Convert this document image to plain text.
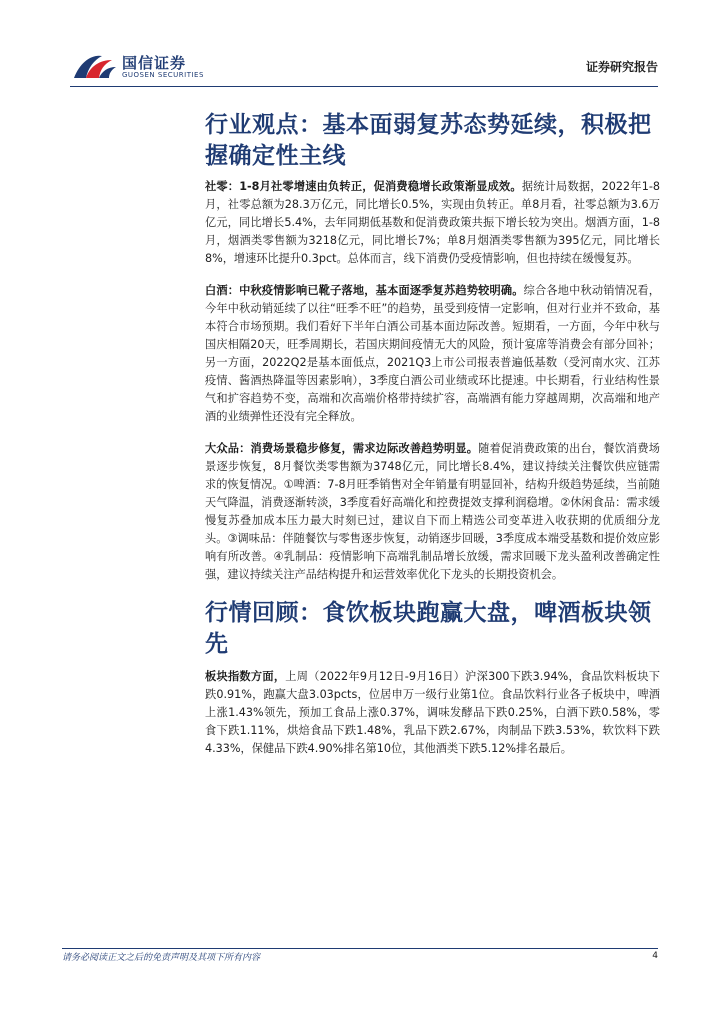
国信证券
GUOSEN SECURITIES
证券研究报告
行业观点：基本面弱复苏态势延续，积极把握确定性主线

社零：1-8月社零增速由负转正，促消费稳增长政策渐显成效。据统计局数据，2022年1-8月，社零总额为28.3万亿元，同比增长0.5%，实现由负转正。单8月看，社零总额为3.6万亿元，同比增长5.4%，去年同期低基数和促消费政策共振下增长较为突出。烟酒方面，1-8月，烟酒类零售额为3218亿元，同比增长7%；单8月烟酒类零售额为395亿元，同比增长8%，增速环比提升0.3pct。总体而言，线下消费仍受疫情影响，但也持续在缓慢复苏。

白酒：中秋疫情影响已靴子落地，基本面逐季复苏趋势较明确。综合各地中秋动销情况看，今年中秋动销延续了以往“旺季不旺”的趋势，虽受到疫情一定影响，但对行业并不致命，基本符合市场预期。我们看好下半年白酒公司基本面边际改善。短期看，一方面，今年中秋与国庆相隔20天，旺季周期长，若国庆期间疫情无大的风险，预计宴席等消费会有部分回补；另一方面，2022Q2是基本面低点，2021Q3上市公司报表普遍低基数（受河南水灾、江苏疫情、酱酒热降温等因素影响），3季度白酒公司业绩或环比提速。中长期看，行业结构性景气和扩容趋势不变，高端和次高端价格带持续扩容，高端酒有能力穿越周期，次高端和地产酒的业绩弹性还没有完全释放。

大众品：消费场景稳步修复，需求边际改善趋势明显。随着促消费政策的出台，餐饮消费场景逐步恢复，8月餐饮类零售额为3748亿元，同比增长8.4%，建议持续关注餐饮供应链需求的恢复情况。①啤酒：7-8月旺季销售对全年销量有明显回补，结构升级趋势延续，当前随天气降温，消费逐渐转淡，3季度看好高端化和控费提效支撑利润稳增。②休闲食品：需求缓慢复苏叠加成本压力最大时刻已过，建议自下而上精选公司变革进入收获期的优质细分龙头。③调味品：伴随餐饮与零售逐步恢复，动销逐步回暖，3季度成本端受基数和提价效应影响有所改善。④乳制品：疫情影响下高端乳制品增长放缓，需求回暖下龙头盈利改善确定性强，建议持续关注产品结构提升和运营效率优化下龙头的长期投资机会。

行情回顾：食饮板块跑赢大盘，啤酒板块领先

板块指数方面，上周（2022年9月12日-9月16日）沪深300下跌3.94%，食品饮料板块下跌0.91%，跑赢大盘3.03pcts，位居申万一级行业第1位。食品饮料行业各子板块中，啤酒上涨1.43%领先，预加工食品上涨0.37%，调味发酵品下跌0.25%，白酒下跌0.58%，零食下跌1.11%，烘焙食品下跌1.48%，乳品下跌2.67%，肉制品下跌3.53%，软饮料下跌4.33%，保健品下跌4.90%排名第10位，其他酒类下跌5.12%排名最后。

请务必阅读正文之后的免责声明及其项下所有内容	4
